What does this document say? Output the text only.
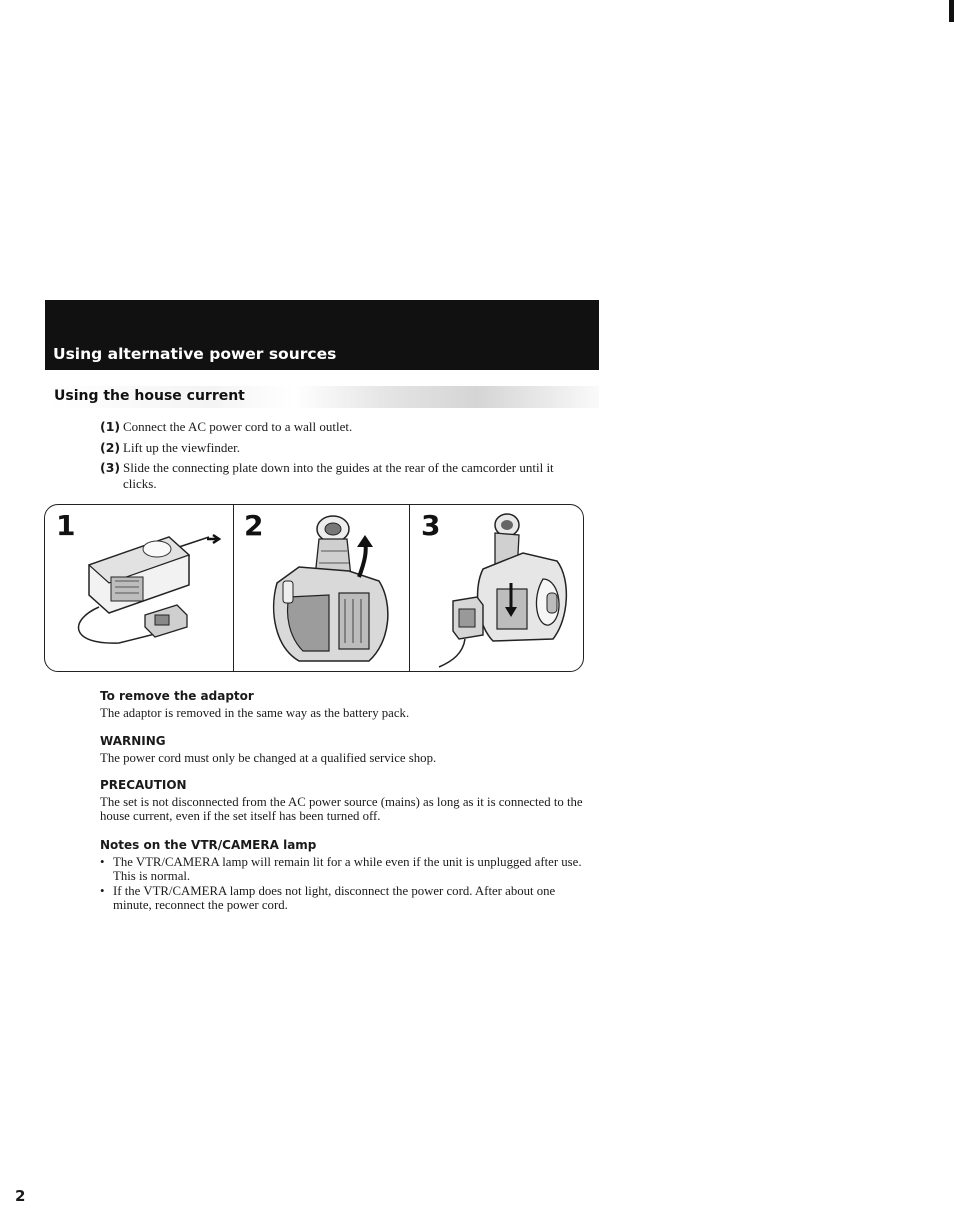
Using alternative power sources
Using the house current
(1) Connect the AC power cord to a wall outlet.
(2) Lift up the viewfinder.
(3) Slide the connecting plate down into the guides at the rear of the camcorder until it clicks.
1	2	3
To remove the adaptor
The adaptor is removed in the same way as the battery pack.
WARNING
The power cord must only be changed at a qualified service shop.
PRECAUTION
The set is not disconnected from the AC power source (mains) as long as it is connected to the house current, even if the set itself has been turned off.
Notes on the VTR/CAMERA lamp
• The VTR/CAMERA lamp will remain lit for a while even if the unit is unplugged after use. This is normal.
• If the VTR/CAMERA lamp does not light, disconnect the power cord. After about one minute, reconnect the power cord.
2
